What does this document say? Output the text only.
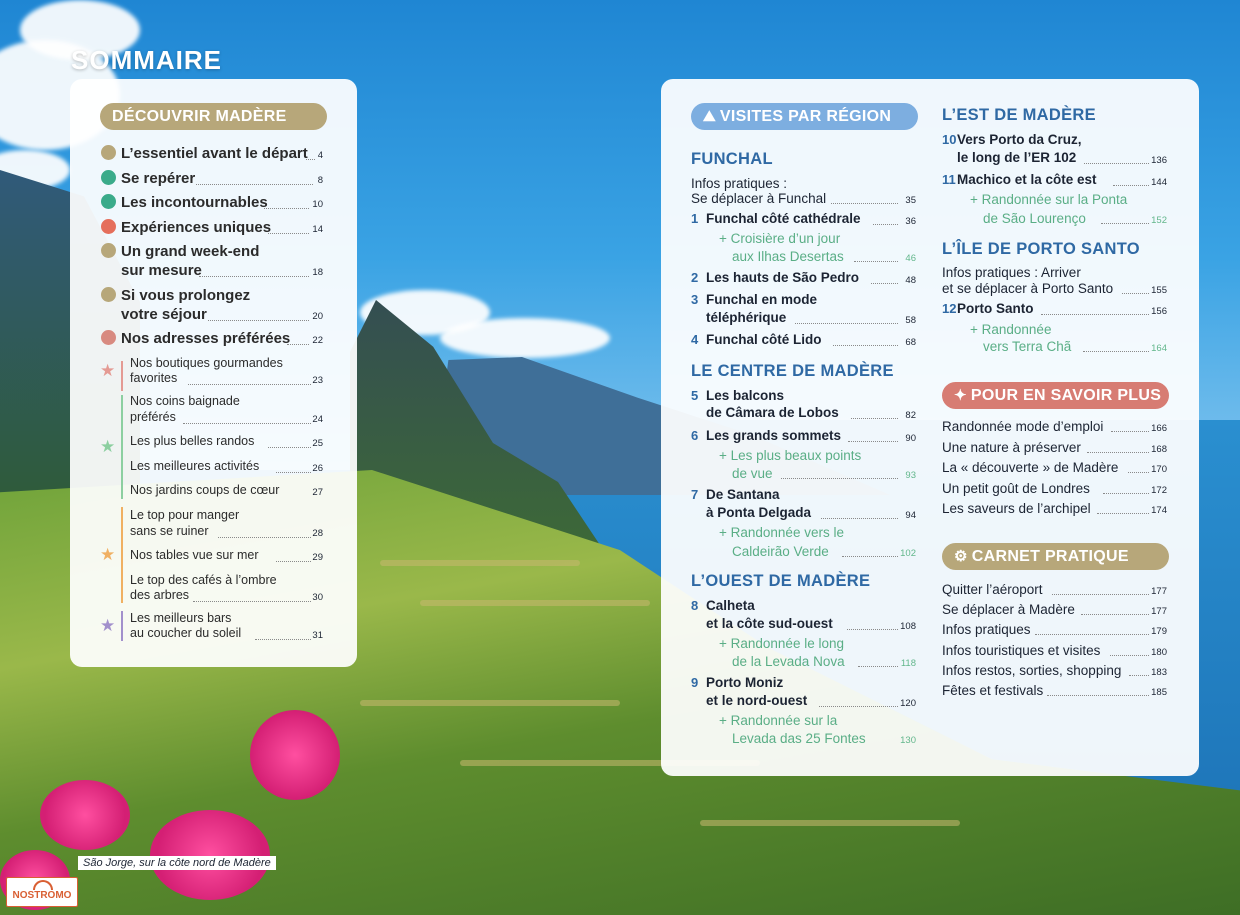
SOMMAIRE
DÉCOUVRIR MADÈRE
L’essentiel avant le départ	4
Se repérer	8
Les incontournables	10
Expériences uniques	14
Un grand week-end
sur mesure	18
Si vous prolongez
votre séjour	20
Nos adresses préférées	22
★ Nos boutiques gourmandes
favorites	23
★
Nos coins baignade
préférés	24
Les plus belles randos	25
Les meilleures activités	26
Nos jardins coups de cœur	27
★
Le top pour manger
sans se ruiner	28
Nos tables vue sur mer	29
Le top des cafés à l’ombre
des arbres	30
★ Les meilleurs bars
au coucher du soleil	31
⛰ VISITES PAR RÉGION
FUNCHAL
Infos pratiques :
Se déplacer à Funchal	35
1 Funchal côté cathédrale	36
+ Croisière d’un jour
aux Ilhas Desertas	46
2 Les hauts de São Pedro	48
3 Funchal en mode
téléphérique	58
4 Funchal côté Lido	68
LE CENTRE DE MADÈRE
5 Les balcons
de Câmara de Lobos	82
6 Les grands sommets	90
+ Les plus beaux points
de vue	93
7 De Santana
à Ponta Delgada	94
+ Randonnée vers le
Caldeirão Verde	102
L’OUEST DE MADÈRE
8 Calheta
et la côte sud-ouest	108
+ Randonnée le long
de la Levada Nova	118
9 Porto Moniz
et le nord-ouest	120
+ Randonnée sur la
Levada das 25 Fontes	130
L’EST DE MADÈRE
10 Vers Porto da Cruz,
le long de l’ER 102	136
11 Machico et la côte est	144
+ Randonnée sur la Ponta
de São Lourenço	152
L’ÎLE DE PORTO SANTO
Infos pratiques : Arriver
et se déplacer à Porto Santo	155
12 Porto Santo	156
+ Randonnée
vers Terra Chã	164
✦ POUR EN SAVOIR PLUS
Randonnée mode d’emploi	166
Une nature à préserver	168
La « découverte » de Madère	170
Un petit goût de Londres	172
Les saveurs de l’archipel	174
⚙ CARNET PRATIQUE
Quitter l’aéroport	177
Se déplacer à Madère	177
Infos pratiques	179
Infos touristiques et visites	180
Infos restos, sorties, shopping	183
Fêtes et festivals	185
São Jorge, sur la côte nord de Madère
NOSTROMO
